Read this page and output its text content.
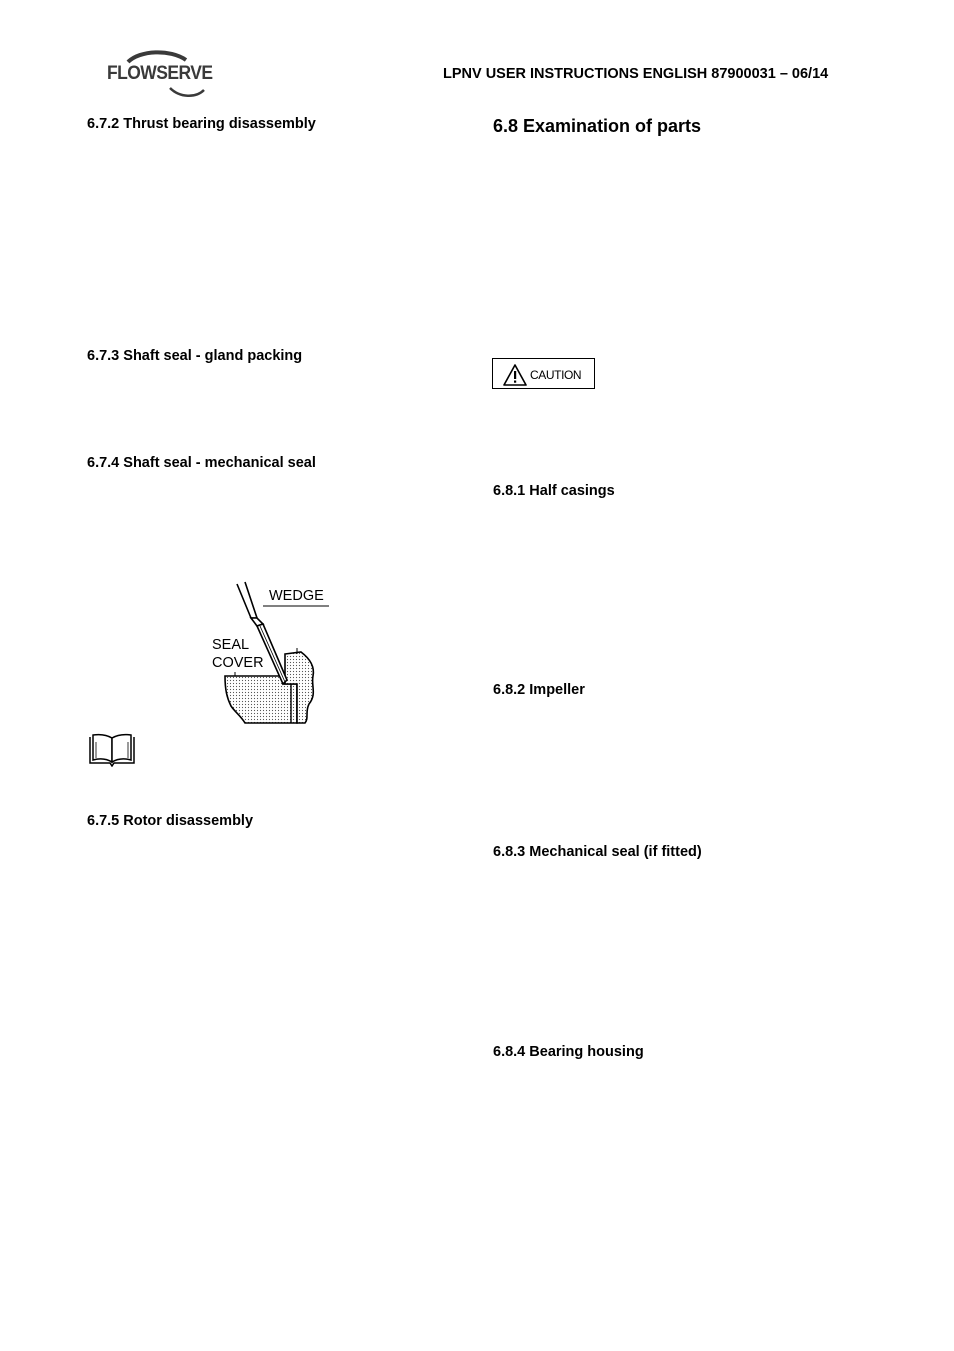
FLOWSERVE	LPNV USER INSTRUCTIONS ENGLISH 87900031 – 06/14
6.7.2 Thrust bearing disassembly
6.7.3 Shaft seal - gland packing
6.7.4 Shaft seal - mechanical seal
WEDGE
SEAL
COVER
6.7.5 Rotor disassembly
6.8 Examination of parts
CAUTION
6.8.1 Half casings
6.8.2 Impeller
6.8.3 Mechanical seal (if fitted)
6.8.4 Bearing housing
